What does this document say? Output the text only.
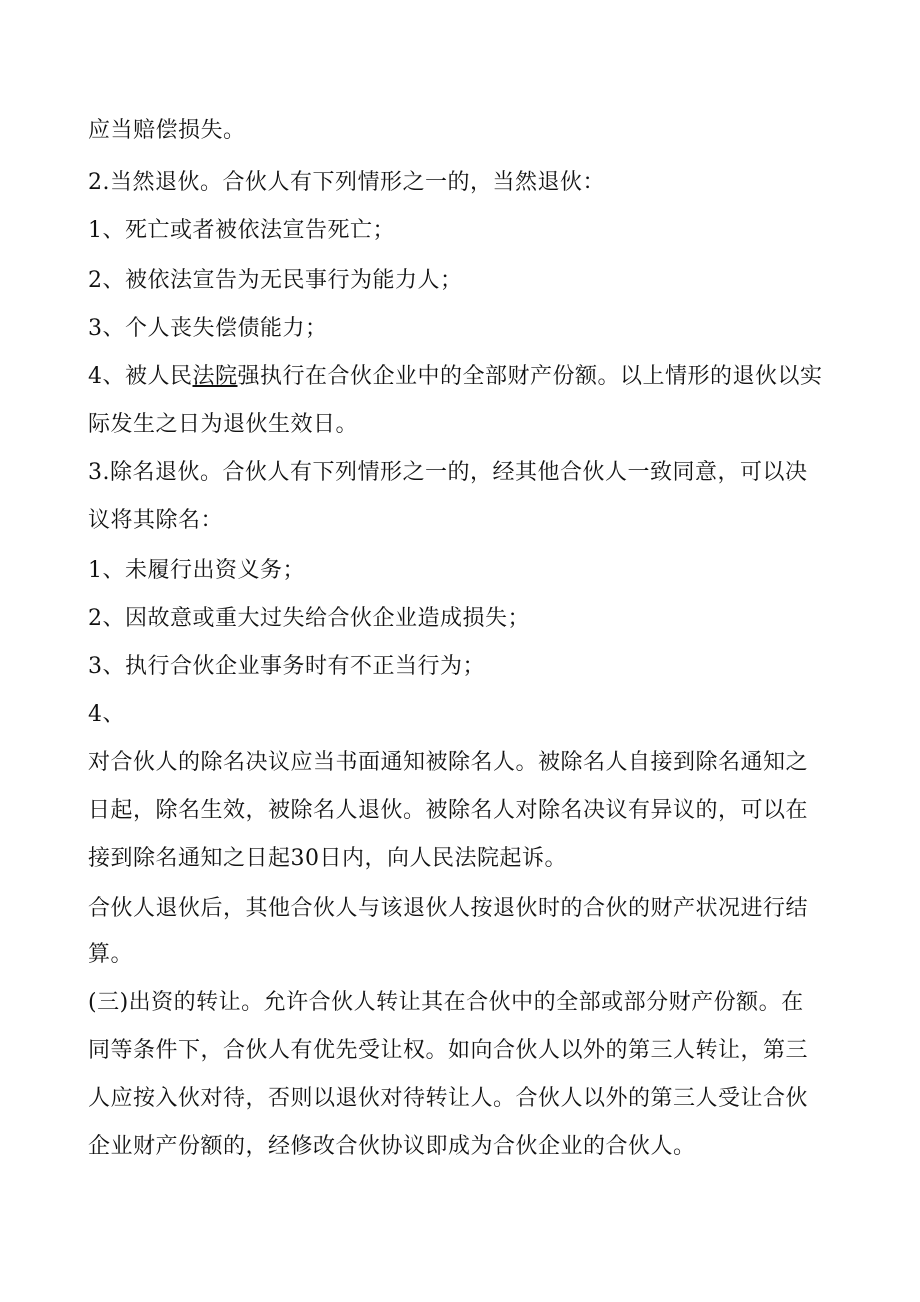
应当赔偿损失。
2.当然退伙。合伙人有下列情形之一的，当然退伙：
1、死亡或者被依法宣告死亡；
2、被依法宣告为无民事行为能力人；
3、个人丧失偿债能力；
4、被人民法院强执行在合伙企业中的全部财产份额。以上情形的退伙以实
际发生之日为退伙生效日。
3.除名退伙。合伙人有下列情形之一的，经其他合伙人一致同意，可以决
议将其除名：
1、未履行出资义务；
2、因故意或重大过失给合伙企业造成损失；
3、执行合伙企业事务时有不正当行为；
4、
对合伙人的除名决议应当书面通知被除名人。被除名人自接到除名通知之
日起，除名生效，被除名人退伙。被除名人对除名决议有异议的，可以在
接到除名通知之日起30日内，向人民法院起诉。
合伙人退伙后，其他合伙人与该退伙人按退伙时的合伙的财产状况进行结
算。
(三)出资的转让。允许合伙人转让其在合伙中的全部或部分财产份额。在
同等条件下，合伙人有优先受让权。如向合伙人以外的第三人转让，第三
人应按入伙对待，否则以退伙对待转让人。合伙人以外的第三人受让合伙
企业财产份额的，经修改合伙协议即成为合伙企业的合伙人。
